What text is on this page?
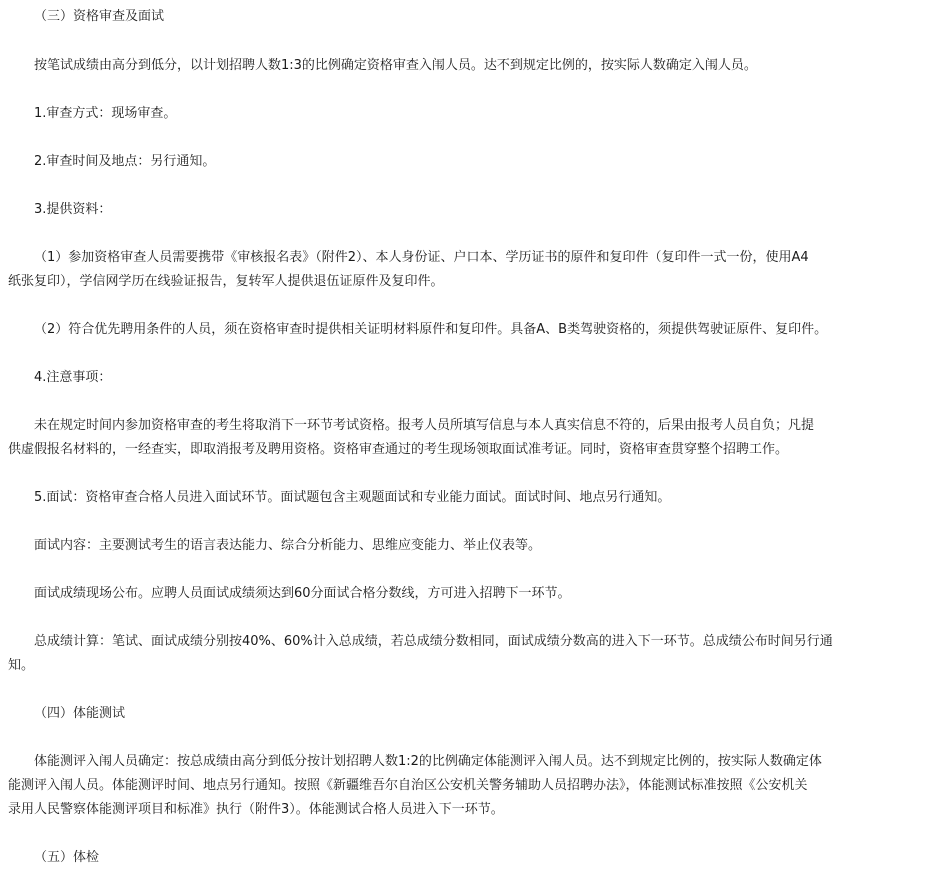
（三）资格审查及面试

按笔试成绩由高分到低分，以计划招聘人数1:3的比例确定资格审查入闱人员。达不到规定比例的，按实际人数确定入闱人员。

1.审查方式：现场审查。

2.审查时间及地点：另行通知。

3.提供资料：

（1）参加资格审查人员需要携带《审核报名表》（附件2）、本人身份证、户口本、学历证书的原件和复印件（复印件一式一份，使用A4
纸张复印），学信网学历在线验证报告，复转军人提供退伍证原件及复印件。

（2）符合优先聘用条件的人员，须在资格审查时提供相关证明材料原件和复印件。具备A、B类驾驶资格的，须提供驾驶证原件、复印件。

4.注意事项：

未在规定时间内参加资格审查的考生将取消下一环节考试资格。报考人员所填写信息与本人真实信息不符的，后果由报考人员自负；凡提
供虚假报名材料的，一经查实，即取消报考及聘用资格。资格审查通过的考生现场领取面试准考证。同时，资格审查贯穿整个招聘工作。

5.面试：资格审查合格人员进入面试环节。面试题包含主观题面试和专业能力面试。面试时间、地点另行通知。

面试内容：主要测试考生的语言表达能力、综合分析能力、思维应变能力、举止仪表等。

面试成绩现场公布。应聘人员面试成绩须达到60分面试合格分数线，方可进入招聘下一环节。

总成绩计算：笔试、面试成绩分别按40%、60%计入总成绩，若总成绩分数相同，面试成绩分数高的进入下一环节。总成绩公布时间另行通
知。

（四）体能测试

体能测评入闱人员确定：按总成绩由高分到低分按计划招聘人数1:2的比例确定体能测评入闱人员。达不到规定比例的，按实际人数确定体
能测评入闱人员。体能测评时间、地点另行通知。按照《新疆维吾尔自治区公安机关警务辅助人员招聘办法》，体能测试标准按照《公安机关
录用人民警察体能测评项目和标准》执行（附件3）。体能测试合格人员进入下一环节。

（五）体检
